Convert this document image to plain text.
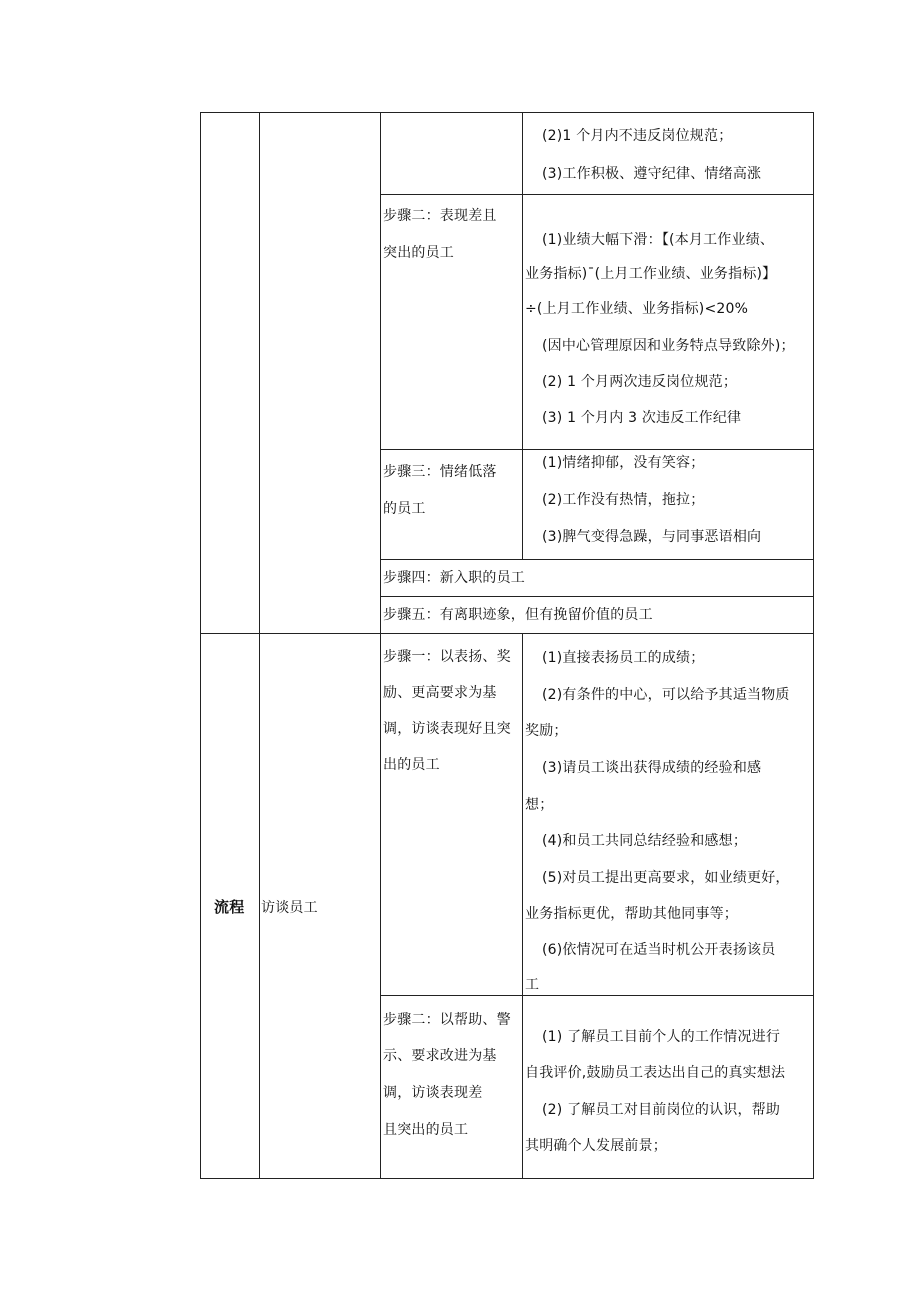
(2)1 个月内不违反岗位规范；
(3)工作积极、遵守纪律、情绪高涨
步骤二：表现差且
突出的员工
(1)业绩大幅下滑：【(本月工作业绩、
业务指标)ˉ(上月工作业绩、业务指标)】
÷(上月工作业绩、业务指标)<20%
(因中心管理原因和业务特点导致除外)；
(2) 1 个月两次违反岗位规范；
(3) 1 个月内 3 次违反工作纪律
步骤三：情绪低落
的员工
(1)情绪抑郁，没有笑容；
(2)工作没有热情，拖拉；
(3)脾气变得急躁，与同事恶语相向
步骤四：新入职的员工
步骤五：有离职迹象，但有挽留价值的员工
流程 访谈员工
步骤一：以表扬、奖
励、更高要求为基
调，访谈表现好且突
出的员工
(1)直接表扬员工的成绩；
(2)有条件的中心，可以给予其适当物质
奖励；
(3)请员工谈出获得成绩的经验和感
想；
(4)和员工共同总结经验和感想；
(5)对员工提出更高要求，如业绩更好，
业务指标更优，帮助其他同事等；
(6)依情况可在适当时机公开表扬该员
工
步骤二：以帮助、警
示、要求改进为基
调，访谈表现差
且突出的员工
(1) 了解员工目前个人的工作情况进行
自我评价,鼓励员工表达出自己的真实想法
(2) 了解员工对目前岗位的认识，帮助
其明确个人发展前景；
